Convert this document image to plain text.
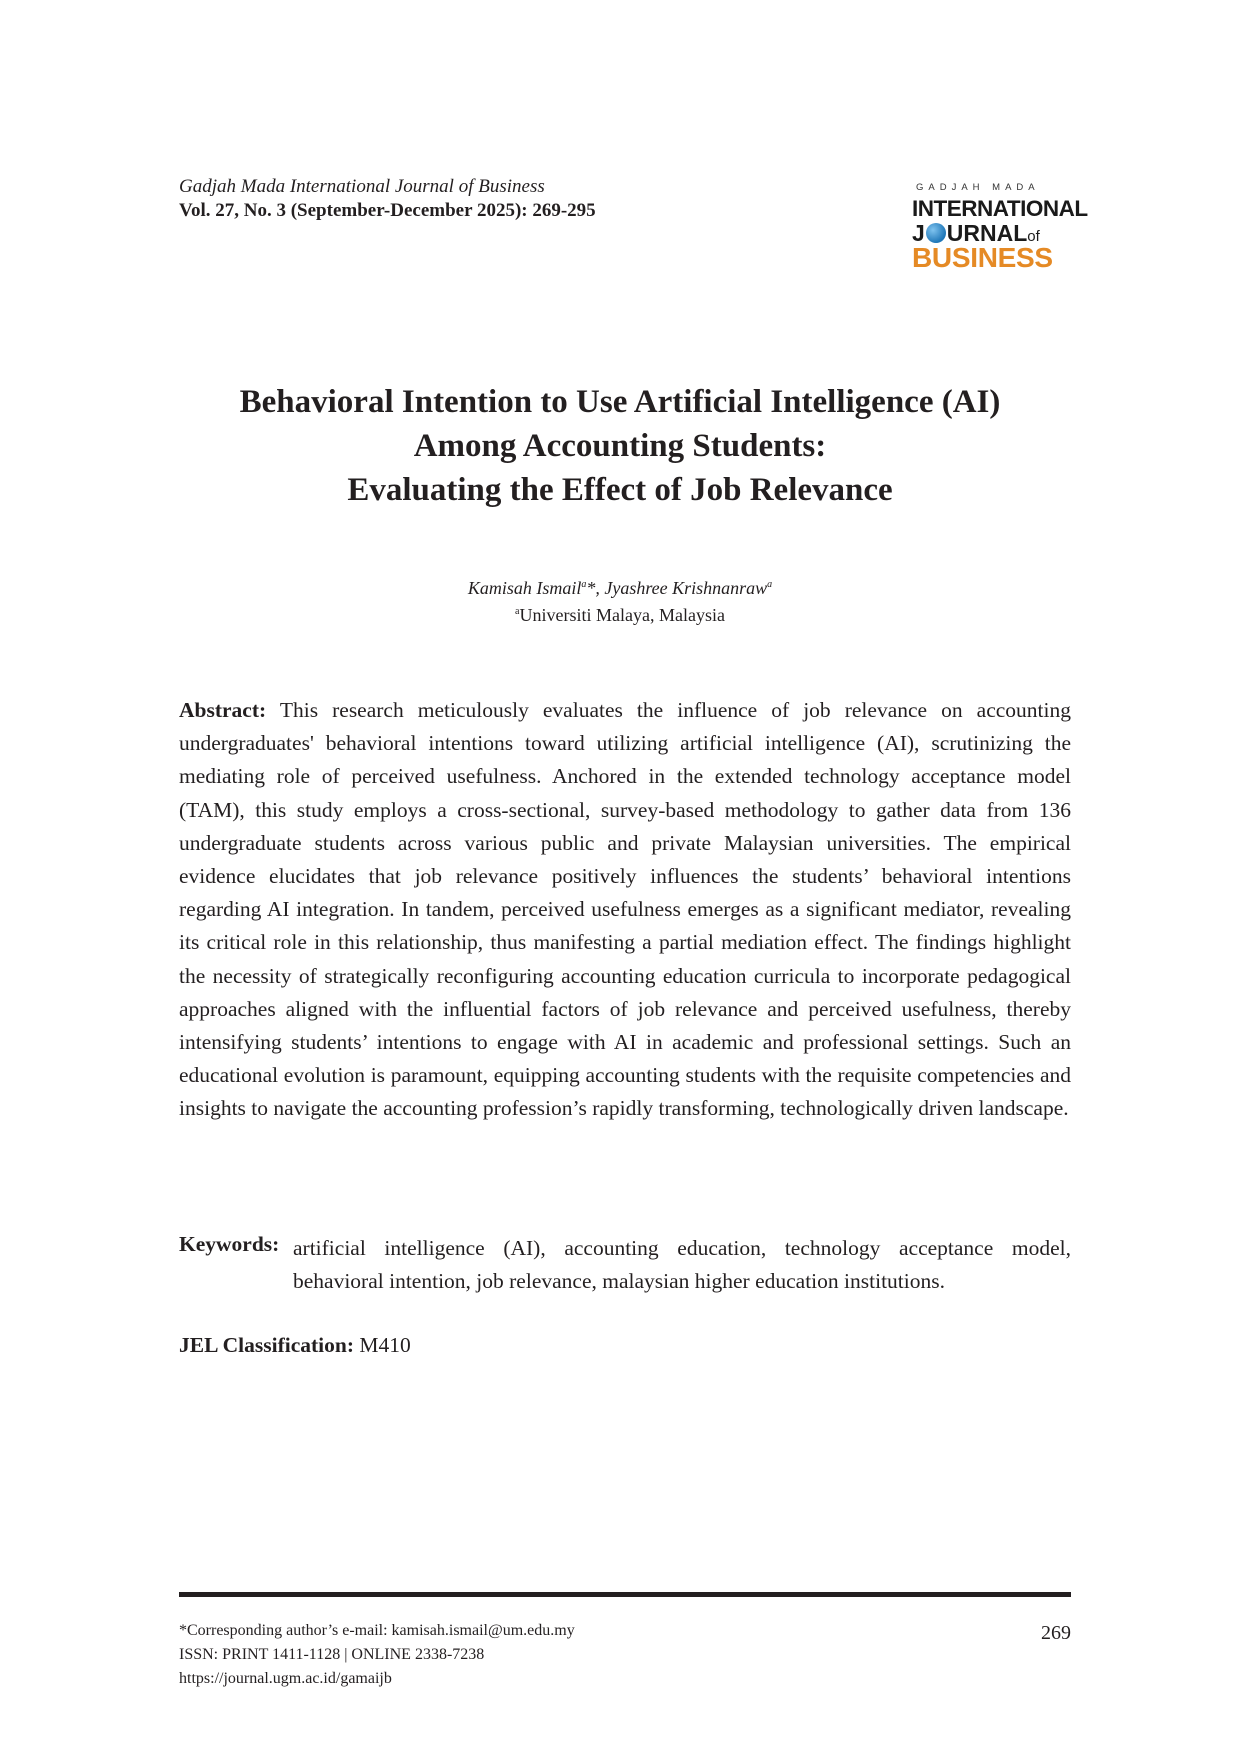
Gadjah Mada International Journal of Business
Vol. 27, No. 3 (September-December 2025): 269-295
GADJAH MADA
INTERNATIONAL
J URNALof
BUSINESS
Behavioral Intention to Use Artificial Intelligence (AI)
Among Accounting Students:
Evaluating the Effect of Job Relevance
Kamisah Ismail$^a$*, Jyashree Krishnanraw$^a$
$^a$Universiti Malaya, Malaysia
Abstract: This research meticulously evaluates the influence of job relevance on accounting undergraduates' behavioral intentions toward utilizing artificial intelligence (AI), scrutinizing the mediating role of perceived usefulness. Anchored in the extended technology acceptance model (TAM), this study employs a cross-sectional, survey-based methodology to gather data from 136 undergraduate students across various public and private Malaysian universities. The empirical evidence elucidates that job relevance positively influences the students’ behavioral intentions regarding AI integration. In tandem, perceived usefulness emerges as a significant mediator, revealing its critical role in this relationship, thus manifesting a partial mediation effect. The findings highlight the necessity of strategically reconfiguring accounting education curricula to incorporate pedagogical approaches aligned with the influential factors of job relevance and perceived usefulness, thereby intensifying students’ intentions to engage with AI in academic and professional settings. Such an educational evolution is paramount, equipping accounting students with the requisite competencies and insights to navigate the accounting profession’s rapidly transforming, technologically driven landscape.
Keywords: artificial intelligence (AI), accounting education, technology acceptance model, behavioral intention, job relevance, malaysian higher education institutions.
JEL Classification: M410
*Corresponding author’s e-mail: kamisah.ismail@um.edu.my
ISSN: PRINT 1411-1128 | ONLINE 2338-7238
https://journal.ugm.ac.id/gamaijb
269
